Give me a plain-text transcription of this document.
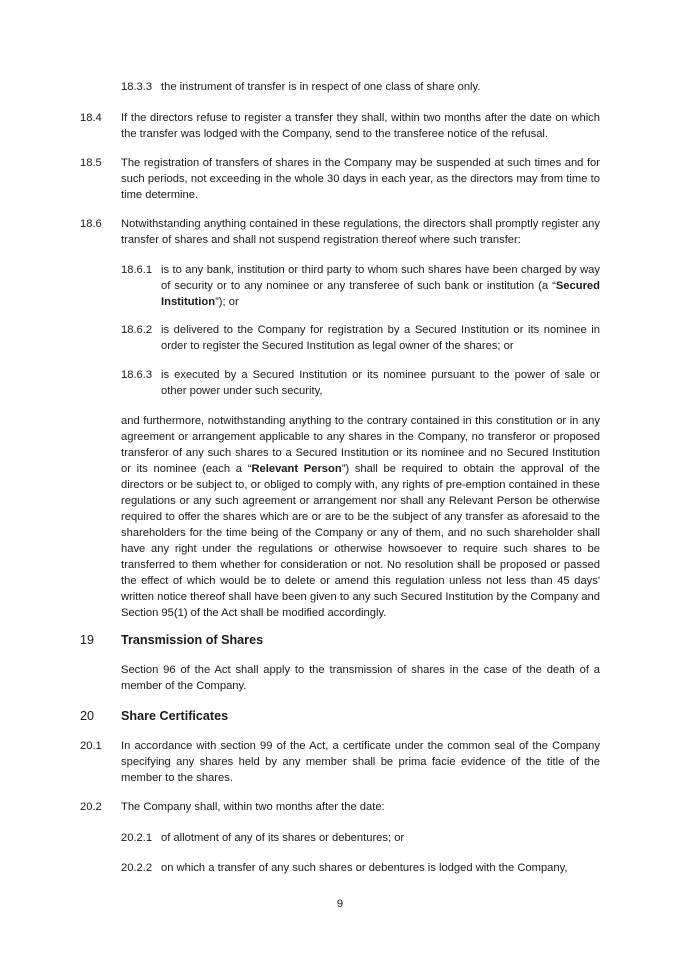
18.3.3 the instrument of transfer is in respect of one class of share only.
18.4 If the directors refuse to register a transfer they shall, within two months after the date on which the transfer was lodged with the Company, send to the transferee notice of the refusal.
18.5 The registration of transfers of shares in the Company may be suspended at such times and for such periods, not exceeding in the whole 30 days in each year, as the directors may from time to time determine.
18.6 Notwithstanding anything contained in these regulations, the directors shall promptly register any transfer of shares and shall not suspend registration thereof where such transfer:
18.6.1 is to any bank, institution or third party to whom such shares have been charged by way of security or to any nominee or any transferee of such bank or institution (a “Secured Institution”); or
18.6.2 is delivered to the Company for registration by a Secured Institution or its nominee in order to register the Secured Institution as legal owner of the shares; or
18.6.3 is executed by a Secured Institution or its nominee pursuant to the power of sale or other power under such security,
and furthermore, notwithstanding anything to the contrary contained in this constitution or in any agreement or arrangement applicable to any shares in the Company, no transferor or proposed transferor of any such shares to a Secured Institution or its nominee and no Secured Institution or its nominee (each a “Relevant Person”) shall be required to obtain the approval of the directors or be subject to, or obliged to comply with, any rights of pre-emption contained in these regulations or any such agreement or arrangement nor shall any Relevant Person be otherwise required to offer the shares which are or are to be the subject of any transfer as aforesaid to the shareholders for the time being of the Company or any of them, and no such shareholder shall have any right under the regulations or otherwise howsoever to require such shares to be transferred to them whether for consideration or not. No resolution shall be proposed or passed the effect of which would be to delete or amend this regulation unless not less than 45 days' written notice thereof shall have been given to any such Secured Institution by the Company and Section 95(1) of the Act shall be modified accordingly.
19 Transmission of Shares
Section 96 of the Act shall apply to the transmission of shares in the case of the death of a member of the Company.
20 Share Certificates
20.1 In accordance with section 99 of the Act, a certificate under the common seal of the Company specifying any shares held by any member shall be prima facie evidence of the title of the member to the shares.
20.2 The Company shall, within two months after the date:
20.2.1 of allotment of any of its shares or debentures; or
20.2.2 on which a transfer of any such shares or debentures is lodged with the Company,
9
